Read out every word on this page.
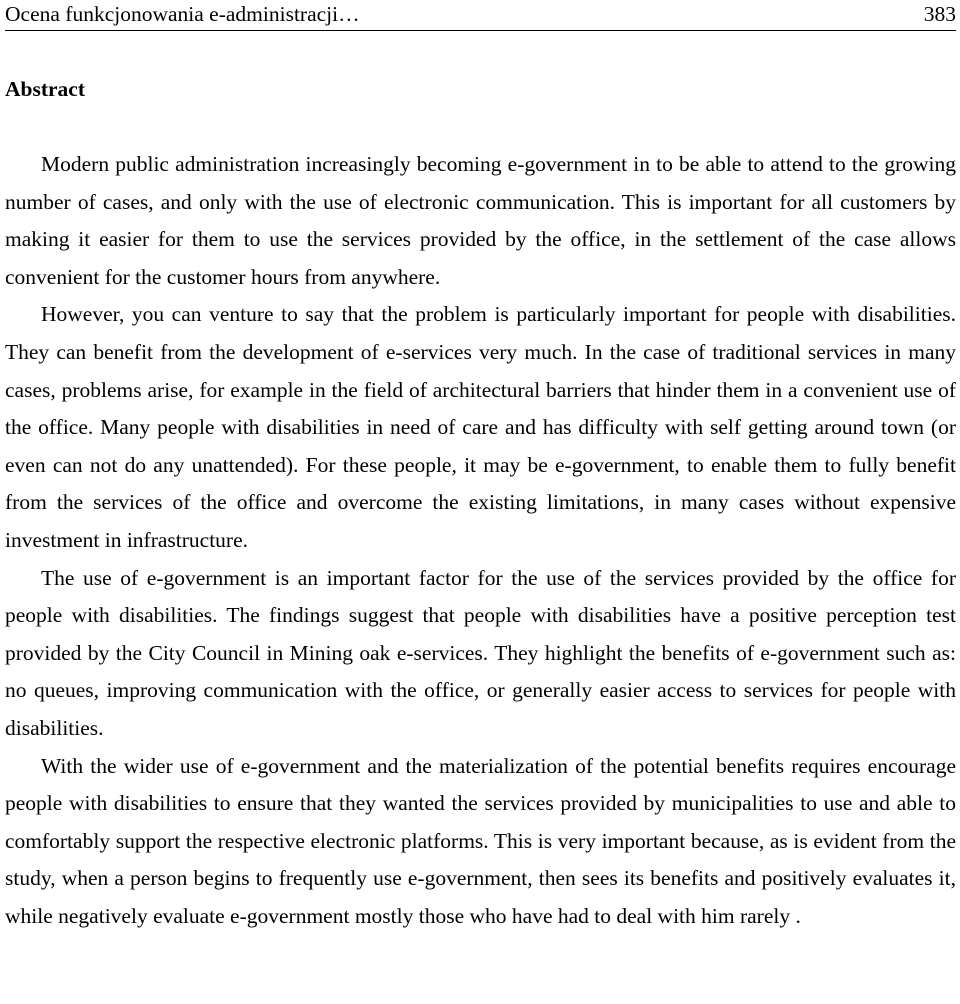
Ocena funkcjonowania e-administracji…	383
Abstract

Modern public administration increasingly becoming e-government in to be able to attend to the growing number of cases, and only with the use of electronic communication. This is important for all customers by making it easier for them to use the services provided by the office, in the settlement of the case allows convenient for the customer hours from anywhere.

However, you can venture to say that the problem is particularly important for people with disabilities. They can benefit from the development of e-services very much. In the case of traditional services in many cases, problems arise, for example in the field of architectural barriers that hinder them in a convenient use of the office. Many people with disabilities in need of care and has difficulty with self getting around town (or even can not do any unattended). For these people, it may be e-government, to enable them to fully benefit from the services of the office and overcome the existing limitations, in many cases without expensive investment in infrastructure.

The use of e-government is an important factor for the use of the services provided by the office for people with disabilities. The findings suggest that people with disabilities have a positive perception test provided by the City Council in Mining oak e-services. They highlight the benefits of e-government such as: no queues, improving communication with the office, or generally easier access to services for people with disabilities.

With the wider use of e-government and the materialization of the potential benefits requires encourage people with disabilities to ensure that they wanted the services provided by municipalities to use and able to comfortably support the respective electronic platforms. This is very important because, as is evident from the study, when a person begins to frequently use e-government, then sees its benefits and positively evaluates it, while negatively evaluate e-government mostly those who have had to deal with him rarely .
